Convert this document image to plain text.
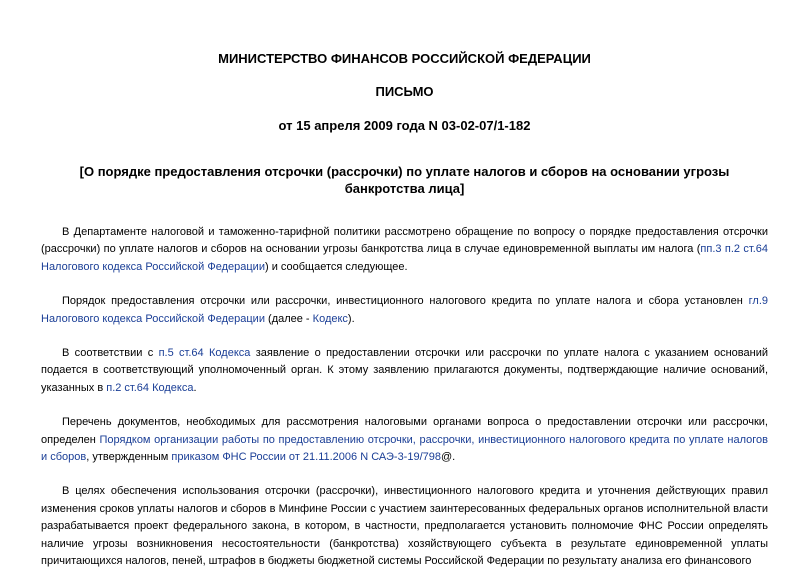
МИНИСТЕРСТВО ФИНАНСОВ РОССИЙСКОЙ ФЕДЕРАЦИИ
ПИСЬМО
от 15 апреля 2009 года N 03-02-07/1-182
[О порядке предоставления отсрочки (рассрочки) по уплате налогов и сборов на основании угрозы банкротства лица]

В Департаменте налоговой и таможенно-тарифной политики рассмотрено обращение по вопросу о порядке предоставления отсрочки (рассрочки) по уплате налогов и сборов на основании угрозы банкротства лица в случае единовременной выплаты им налога (пп.3 п.2 ст.64 Налогового кодекса Российской Федерации) и сообщается следующее.

Порядок предоставления отсрочки или рассрочки, инвестиционного налогового кредита по уплате налога и сбора установлен гл.9 Налогового кодекса Российской Федерации (далее - Кодекс).

В соответствии с п.5 ст.64 Кодекса заявление о предоставлении отсрочки или рассрочки по уплате налога с указанием оснований подается в соответствующий уполномоченный орган. К этому заявлению прилагаются документы, подтверждающие наличие оснований, указанных в п.2 ст.64 Кодекса.

Перечень документов, необходимых для рассмотрения налоговыми органами вопроса о предоставлении отсрочки или рассрочки, определен Порядком организации работы по предоставлению отсрочки, рассрочки, инвестиционного налогового кредита по уплате налогов и сборов, утвержденным приказом ФНС России от 21.11.2006 N САЭ-3-19/798@.

В целях обеспечения использования отсрочки (рассрочки), инвестиционного налогового кредита и уточнения действующих правил изменения сроков уплаты налогов и сборов в Минфине России с участием заинтересованных федеральных органов исполнительной власти разрабатывается проект федерального закона, в котором, в частности, предполагается установить полномочие ФНС России определять наличие угрозы возникновения несостоятельности (банкротства) хозяйствующего субъекта в результате единовременной уплаты причитающихся налогов, пеней, штрафов в бюджеты бюджетной системы Российской Федерации по результату анализа его финансового
